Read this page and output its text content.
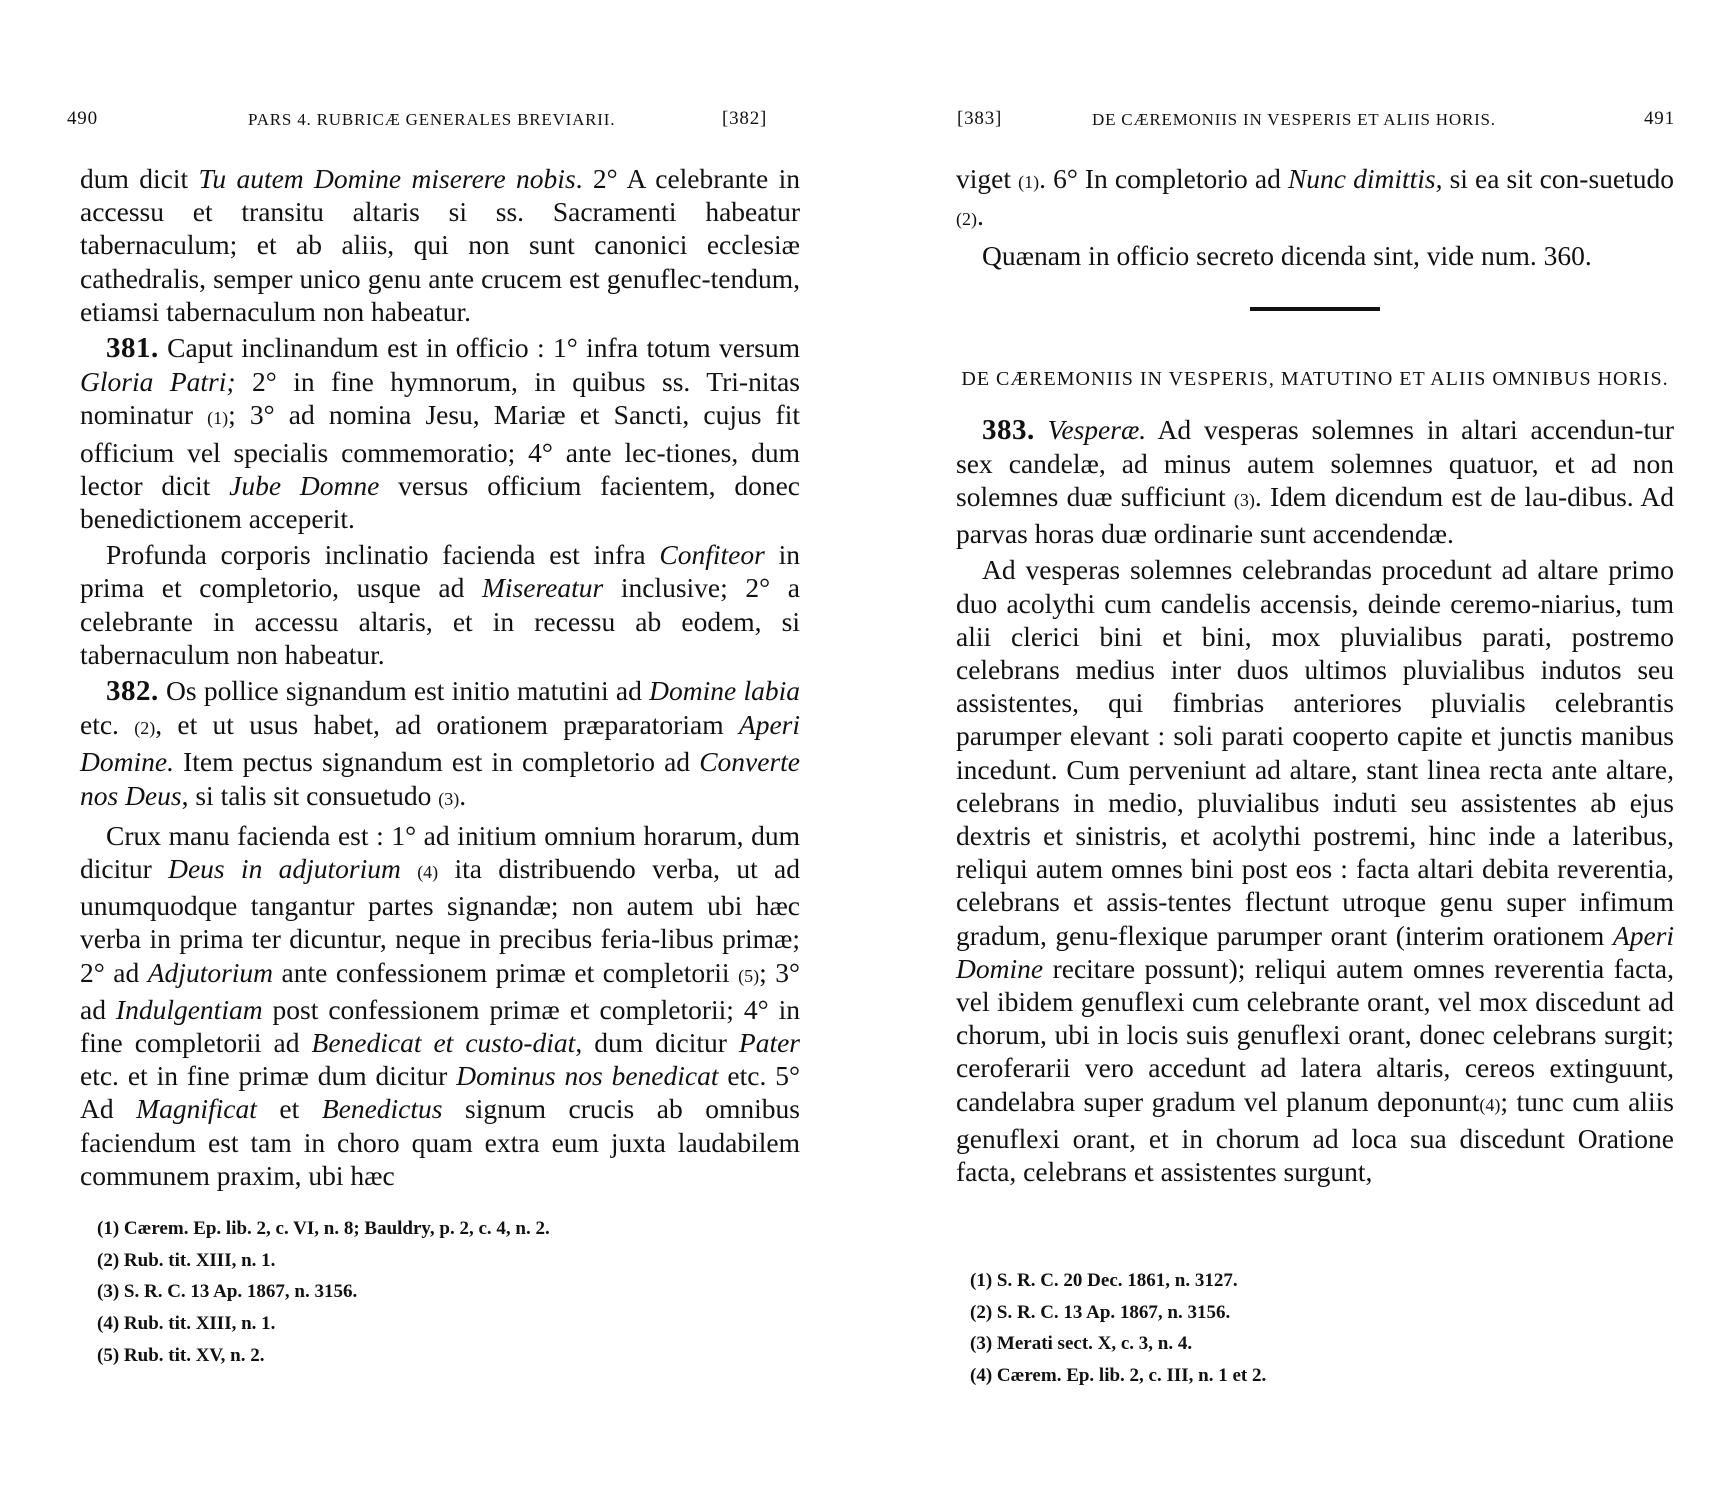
490	PARS 4. RUBRICÆ GENERALES BREVIARII.	[382]

dum dicit Tu autem Domine miserere nobis. 2° A celebrante in accessu et transitu altaris si ss. Sacramenti habeatur tabernaculum; et ab aliis, qui non sunt canonici ecclesiæ cathedralis, semper unico genu ante crucem est genuflec-tendum, etiamsi tabernaculum non habeatur.

381. Caput inclinandum est in officio : 1° infra totum versum Gloria Patri; 2° in fine hymnorum, in quibus ss. Tri-nitas nominatur (1); 3° ad nomina Jesu, Mariæ et Sancti, cujus fit officium vel specialis commemoratio; 4° ante lec-tiones, dum lector dicit Jube Domne versus officium facientem, donec benedictionem acceperit.

Profunda corporis inclinatio facienda est infra Confiteor in prima et completorio, usque ad Misereatur inclusive; 2° a celebrante in accessu altaris, et in recessu ab eodem, si tabernaculum non habeatur.

382. Os pollice signandum est initio matutini ad Domine labia etc. (2), et ut usus habet, ad orationem præparatoriam Aperi Domine. Item pectus signandum est in completorio ad Converte nos Deus, si talis sit consuetudo (3).

Crux manu facienda est : 1° ad initium omnium horarum, dum dicitur Deus in adjutorium (4) ita distribuendo verba, ut ad unumquodque tangantur partes signandæ; non autem ubi hæc verba in prima ter dicuntur, neque in precibus feria-libus primæ; 2° ad Adjutorium ante confessionem primæ et completorii (5); 3° ad Indulgentiam post confessionem primæ et completorii; 4° in fine completorii ad Benedicat et custo-diat, dum dicitur Pater etc. et in fine primæ dum dicitur Dominus nos benedicat etc. 5° Ad Magnificat et Benedictus signum crucis ab omnibus faciendum est tam in choro quam extra eum juxta laudabilem communem praxim, ubi hæc

(1) Cærem. Ep. lib. 2, c. VI, n. 8; Bauldry, p. 2, c. 4, n. 2.
(2) Rub. tit. XIII, n. 1.
(3) S. R. C. 13 Ap. 1867, n. 3156.
(4) Rub. tit. XIII, n. 1.
(5) Rub. tit. XV, n. 2.
[383]	DE CÆREMONIIS IN VESPERIS ET ALIIS HORIS.	491

viget (1). 6° In completorio ad Nunc dimittis, si ea sit con-suetudo (2).

Quænam in officio secreto dicenda sint, vide num. 360.

DE CÆREMONIIS IN VESPERIS, MATUTINO ET ALIIS OMNIBUS HORIS.

383. Vesperæ. Ad vesperas solemnes in altari accendun-tur sex candelæ, ad minus autem solemnes quatuor, et ad non solemnes duæ sufficiunt (3). Idem dicendum est de lau-dibus. Ad parvas horas duæ ordinarie sunt accendendæ.

Ad vesperas solemnes celebrandas procedunt ad altare primo duo acolythi cum candelis accensis, deinde ceremo-niarius, tum alii clerici bini et bini, mox pluvialibus parati, postremo celebrans medius inter duos ultimos pluvialibus indutos seu assistentes, qui fimbrias anteriores pluvialis celebrantis parumper elevant : soli parati cooperto capite et junctis manibus incedunt. Cum perveniunt ad altare, stant linea recta ante altare, celebrans in medio, pluvialibus induti seu assistentes ab ejus dextris et sinistris, et acolythi postremi, hinc inde a lateribus, reliqui autem omnes bini post eos : facta altari debita reverentia, celebrans et assis-tentes flectunt utroque genu super infimum gradum, genu-flexique parumper orant (interim orationem Aperi Domine recitare possunt); reliqui autem omnes reverentia facta, vel ibidem genuflexi cum celebrante orant, vel mox discedunt ad chorum, ubi in locis suis genuflexi orant, donec celebrans surgit; ceroferarii vero accedunt ad latera altaris, cereos extinguunt, candelabra super gradum vel planum deponunt(4); tunc cum aliis genuflexi orant, et in chorum ad loca sua discedunt Oratione facta, celebrans et assistentes surgunt,

(1) S. R. C. 20 Dec. 1861, n. 3127.
(2) S. R. C. 13 Ap. 1867, n. 3156.
(3) Merati sect. X, c. 3, n. 4.
(4) Cærem. Ep. lib. 2, c. III, n. 1 et 2.
